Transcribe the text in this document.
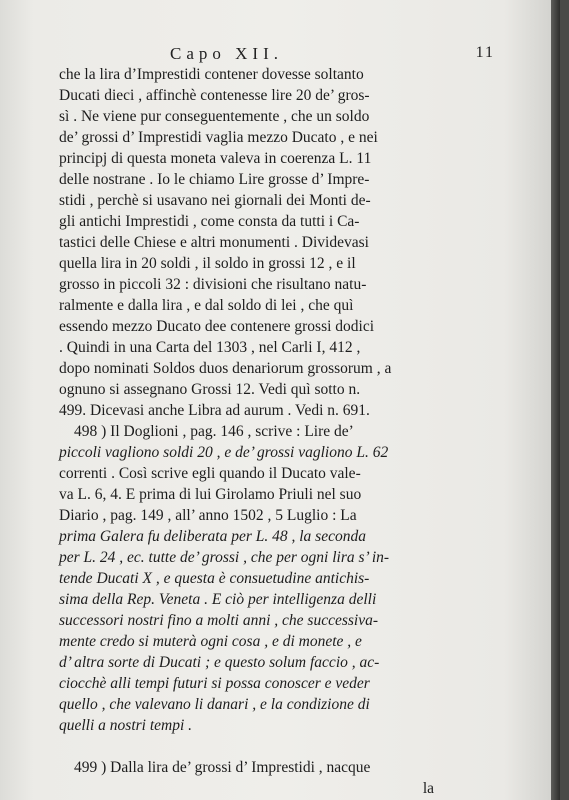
Capo XII.	11
che la lira d’Imprestidi contener dovesse soltanto
Ducati dieci , affinchè contenesse lire 20 de’ gros-
sì . Ne viene pur conseguentemente , che un soldo
de’ grossi d’ Imprestidi vaglia mezzo Ducato , e nei
principj di questa moneta valeva in coerenza L. 11
delle nostrane . Io le chiamo Lire grosse d’ Impre-
stidi , perchè si usavano nei giornali dei Monti de-
gli antichi Imprestidi , come consta da tutti i Ca-
tastici delle Chiese e altri monumenti . Dividevasi
quella lira in 20 soldi , il soldo in grossi 12 , e il
grosso in piccoli 32 : divisioni che risultano natu-
ralmente e dalla lira , e dal soldo di lei , che quì
essendo mezzo Ducato dee contenere grossi dodici
. Quindi in una Carta del 1303 , nel Carli I, 412 ,
dopo nominati Soldos duos denariorum grossorum , a
ognuno si assegnano Grossi 12. Vedi quì sotto n.
499. Dicevasi anche Libra ad aurum . Vedi n. 691.
498 ) Il Doglioni , pag. 146 , scrive : Lire de’
piccoli vagliono soldi 20 , e de’ grossi vagliono L. 62
correnti . Così scrive egli quando il Ducato vale-
va L. 6, 4. E prima di lui Girolamo Priuli nel suo
Diario , pag. 149 , all’ anno 1502 , 5 Luglio : La
prima Galera fu deliberata per L. 48 , la seconda
per L. 24 , ec. tutte de’ grossi , che per ogni lira s’ in-
tende Ducati X , e questa è consuetudine antichis-
sima della Rep. Veneta . E ciò per intelligenza delli
successori nostri fino a molti anni , che successiva-
mente credo si muterà ogni cosa , e di monete , e
d’ altra sorte di Ducati ; e questo solum faccio , ac-
ciocchè alli tempi futuri si possa conoscer e veder
quello , che valevano li danari , e la condizione di
quelli a nostri tempi .
499 ) Dalla lira de’ grossi d’ Imprestidi , nacque
la
